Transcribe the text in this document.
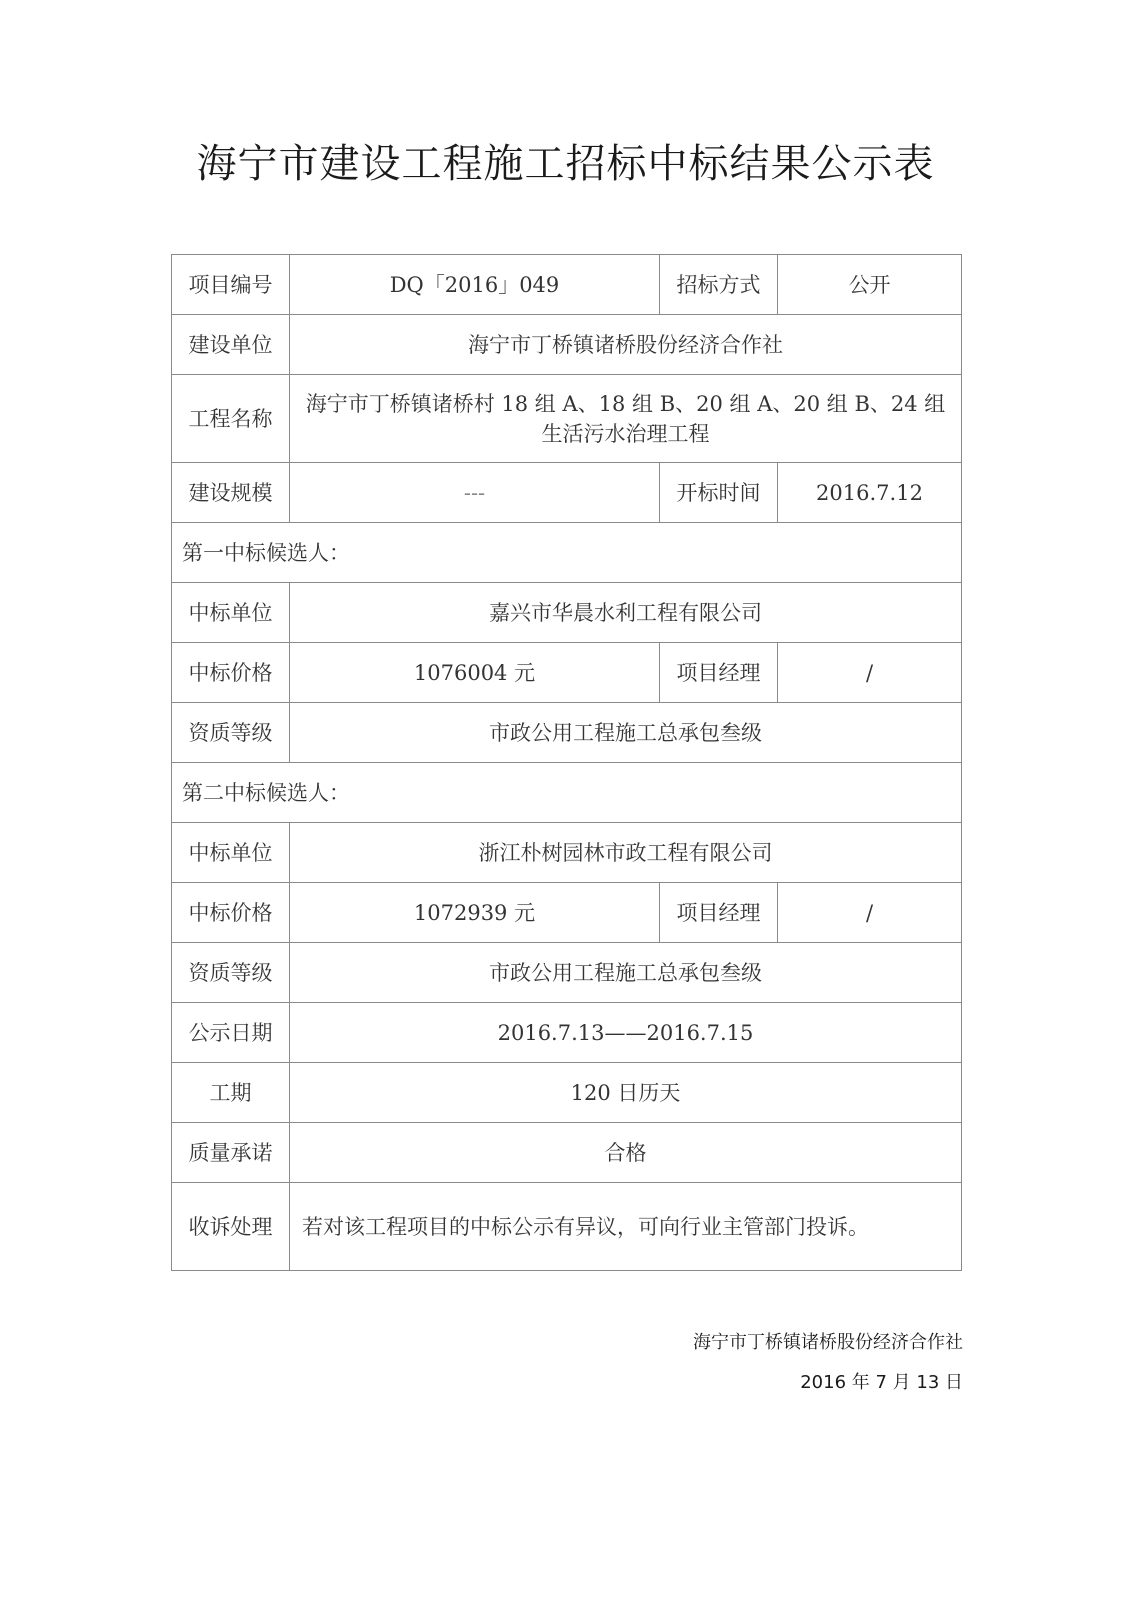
海宁市建设工程施工招标中标结果公示表
项目编号	DQ「2016」049	招标方式	公开
建设单位	海宁市丁桥镇诸桥股份经济合作社		
工程名称	海宁市丁桥镇诸桥村 18 组 A、18 组 B、20 组 A、20 组 B、24 组生活污水治理工程		
建设规模	---	开标时间	2016.7.12
第一中标候选人：			
中标单位	嘉兴市华晨水利工程有限公司		
中标价格	1076004 元	项目经理	/
资质等级	市政公用工程施工总承包叁级		
第二中标候选人：			
中标单位	浙江朴树园林市政工程有限公司		
中标价格	1072939 元	项目经理	/
资质等级	市政公用工程施工总承包叁级		
公示日期	2016.7.13——2016.7.15		
工期	120 日历天		
质量承诺	合格		
收诉处理	若对该工程项目的中标公示有异议，可向行业主管部门投诉。		
海宁市丁桥镇诸桥股份经济合作社
2016 年 7 月 13 日
